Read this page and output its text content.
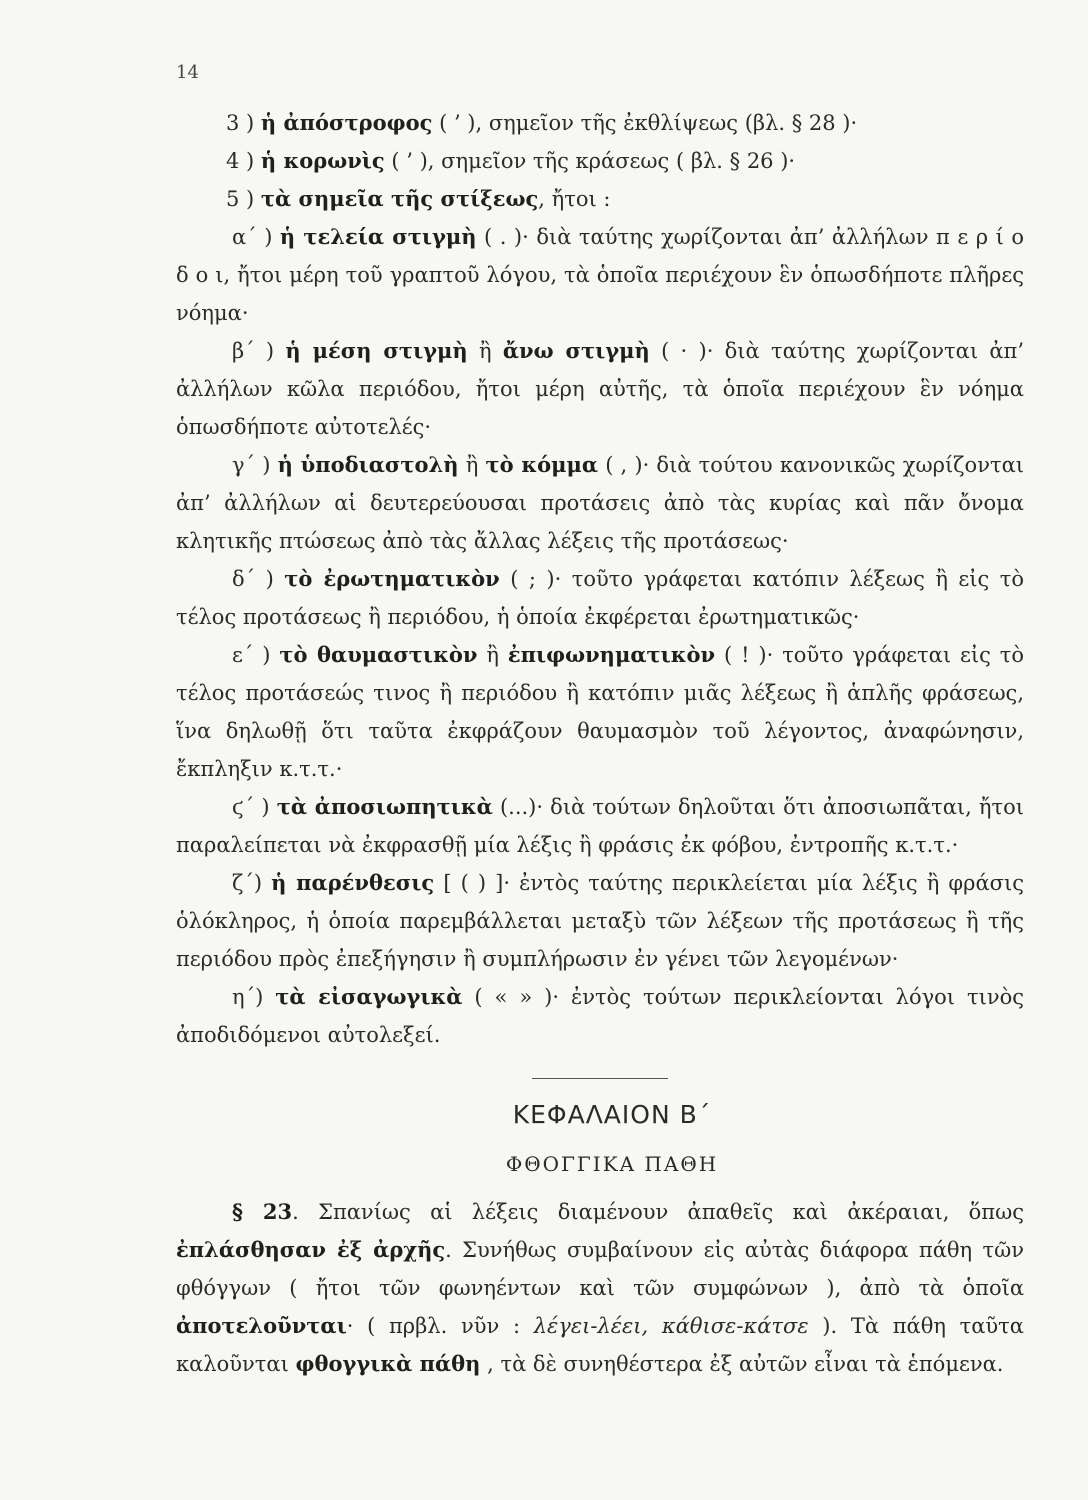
14

3 ) ἡ ἀπόστροφος ( ’ ), σημεῖον τῆς ἐκθλίψεως (βλ. § 28 )·

4 ) ἡ κορωνὶς ( ’ ), σημεῖον τῆς κράσεως ( βλ. § 26 )·

5 ) τὰ σημεῖα τῆς στίξεως, ἤτοι :

α΄ ) ἡ τελεία στιγμὴ ( . )· διὰ ταύτης χωρίζονται ἀπ’ ἀλλήλων π ε ρ ί ο δ ο ι, ἤτοι μέρη τοῦ γραπτοῦ λόγου, τὰ ὁποῖα περιέχουν ἓν ὁπωσδήποτε πλῆρες νόημα·

β΄ ) ἡ μέση στιγμὴ ἢ ἄνω στιγμὴ ( · )· διὰ ταύτης χωρίζονται ἀπ’ ἀλλήλων κῶλα περιόδου, ἤτοι μέρη αὐτῆς, τὰ ὁποῖα περιέχουν ἓν νόημα ὁπωσδήποτε αὐτοτελές·

γ΄ ) ἡ ὑποδιαστολὴ ἢ τὸ κόμμα ( , )· διὰ τούτου κανονικῶς χωρίζονται ἀπ’ ἀλλήλων αἱ δευτερεύουσαι προτάσεις ἀπὸ τὰς κυρίας καὶ πᾶν ὄνομα κλητικῆς πτώσεως ἀπὸ τὰς ἄλλας λέξεις τῆς προτάσεως·

δ΄ ) τὸ ἐρωτηματικὸν ( ; )· τοῦτο γράφεται κατόπιν λέξεως ἢ εἰς τὸ τέλος προτάσεως ἢ περιόδου, ἡ ὁποία ἐκφέρεται ἐρωτηματικῶς·

ε΄ ) τὸ θαυμαστικὸν ἢ ἐπιφωνηματικὸν ( ! )· τοῦτο γράφεται εἰς τὸ τέλος προτάσεώς τινος ἢ περιόδου ἢ κατόπιν μιᾶς λέξεως ἢ ἁπλῆς φράσεως, ἵνα δηλωθῇ ὅτι ταῦτα ἐκφράζουν θαυμασμὸν τοῦ λέγοντος, ἀναφώνησιν, ἔκπληξιν κ.τ.τ.·

ϛ΄ ) τὰ ἀποσιωπητικὰ (...)· διὰ τούτων δηλοῦται ὅτι ἀποσιωπᾶται, ἤτοι παραλείπεται νὰ ἐκφρασθῇ μία λέξις ἢ φράσις ἐκ φόβου, ἐντροπῆς κ.τ.τ.·

ζ΄) ἡ παρένθεσις [ ( ) ]· ἐντὸς ταύτης περικλείεται μία λέξις ἢ φράσις ὁλόκληρος, ἡ ὁποία παρεμβάλλεται μεταξὺ τῶν λέξεων τῆς προτάσεως ἢ τῆς περιόδου πρὸς ἐπεξήγησιν ἢ συμπλήρωσιν ἐν γένει τῶν λεγομένων·

η΄) τὰ εἰσαγωγικὰ ( « » )· ἐντὸς τούτων περικλείονται λόγοι τινὸς ἀποδιδόμενοι αὐτολεξεί.

ΚΕΦΑΛΑΙΟΝ Β΄
ΦΘΟΓΓΙΚΑ ΠΑΘΗ

§ 23. Σπανίως αἱ λέξεις διαμένουν ἀπαθεῖς καὶ ἀκέραιαι, ὅπως ἐπλάσθησαν ἐξ ἀρχῆς. Συνήθως συμβαίνουν εἰς αὐτὰς διάφορα πάθη τῶν φθόγγων ( ἤτοι τῶν φωνηέντων καὶ τῶν συμφώνων ), ἀπὸ τὰ ὁποῖα ἀποτελοῦνται· ( πρβλ. νῦν : λέγει-λέει, κάθισε-κάτσε ). Τὰ πάθη ταῦτα καλοῦνται φθογγικὰ πάθη , τὰ δὲ συνηθέστερα ἐξ αὐτῶν εἶναι τὰ ἑπόμενα.
